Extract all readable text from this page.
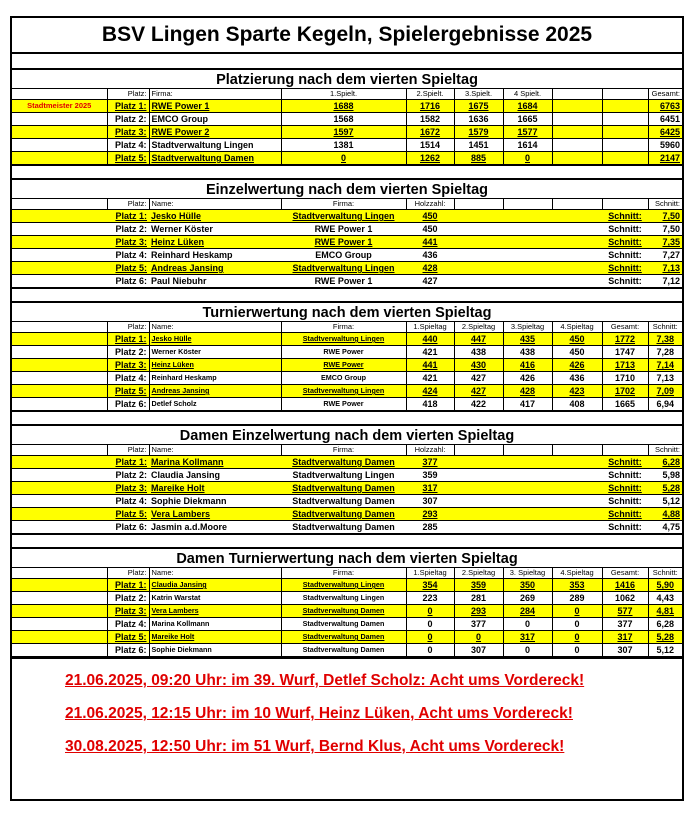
BSV Lingen Sparte Kegeln, Spielergebnisse 2025
Platzierung nach dem vierten Spieltag
	Platz:	Firma:	1.Spielt.	2.Spielt.	3.Spielt.	4 Spielt.			Gesamt:
Stadtmeister 2025	Platz 1:	RWE Power 1	1688	1716	1675	1684			6763
	Platz 2:	EMCO Group	1568	1582	1636	1665			6451
	Platz 3:	RWE Power 2	1597	1672	1579	1577			6425
	Platz 4:	Stadtverwaltung Lingen	1381	1514	1451	1614			5960
	Platz 5:	Stadtverwaltung Damen	0	1262	885	0			2147
Einzelwertung nach dem vierten Spieltag
	Platz:	Name:	Firma:	Holzzahl:					Schnitt:
	Platz 1:	Jesko Hülle	Stadtverwaltung Lingen	450				Schnitt:	7,50
	Platz 2:	Werner Köster	RWE Power 1	450				Schnitt:	7,50
	Platz 3:	Heinz Lüken	RWE Power 1	441				Schnitt:	7,35
	Platz 4:	Reinhard Heskamp	EMCO Group	436				Schnitt:	7,27
	Platz 5:	Andreas Jansing	Stadtverwaltung Lingen	428				Schnitt:	7,13
	Platz 6:	Paul Niebuhr	RWE Power 1	427				Schnitt:	7,12
Turnierwertung nach dem vierten Spieltag
	Platz:	Name:	Firma:	1.Spieltag	2.Spieltag	3.Spieltag	4.Spieltag	Gesamt:	Schnitt:
	Platz 1:	Jesko Hülle	Stadtverwaltung Lingen	440	447	435	450	1772	7,38
	Platz 2:	Werner Köster	RWE Power	421	438	438	450	1747	7,28
	Platz 3:	Heinz Lüken	RWE Power	441	430	416	426	1713	7,14
	Platz 4:	Reinhard Heskamp	EMCO Group	421	427	426	436	1710	7,13
	Platz 5:	Andreas Jansing	Stadtverwaltung Lingen	424	427	428	423	1702	7,09
	Platz 6:	Detlef Scholz	RWE Power	418	422	417	408	1665	6,94
Damen Einzelwertung nach dem vierten Spieltag
	Platz:	Name:	Firma:	Holzzahl:					Schnitt:
	Platz 1:	Marina Kollmann	Stadtverwaltung Damen	377				Schnitt:	6,28
	Platz 2:	Claudia Jansing	Stadtverwaltung Lingen	359				Schnitt:	5,98
	Platz 3:	Mareike Holt	Stadtverwaltung Damen	317				Schnitt:	5,28
	Platz 4:	Sophie Diekmann	Stadtverwaltung Damen	307				Schnitt:	5,12
	Platz 5:	Vera Lambers	Stadtverwaltung Damen	293				Schnitt:	4,88
	Platz 6:	Jasmin a.d.Moore	Stadtverwaltung Damen	285				Schnitt:	4,75
Damen Turnierwertung nach dem vierten Spieltag
	Platz:	Name:	Firma:	1.Spieltag	2.Spieltag	3. Spieltag	4.Spieltag	Gesamt:	Schnitt:
	Platz 1:	Claudia Jansing	Stadtverwaltung Lingen	354	359	350	353	1416	5,90
	Platz 2:	Katrin Warstat	Stadtverwaltung Lingen	223	281	269	289	1062	4,43
	Platz 3:	Vera Lambers	Stadtverwaltung Damen	0	293	284	0	577	4,81
	Platz 4:	Marina Kollmann	Stadtverwaltung Damen	0	377	0	0	377	6,28
	Platz 5:	Mareike Holt	Stadtverwaltung Damen	0	0	317	0	317	5,28
	Platz 6:	Sophie Diekmann	Stadtverwaltung Damen	0	307	0	0	307	5,12
21.06.2025, 09:20 Uhr: im 39. Wurf, Detlef Scholz: Acht ums Vordereck!
21.06.2025, 12:15 Uhr: im 10 Wurf, Heinz Lüken, Acht ums Vordereck!
30.08.2025, 12:50 Uhr: im 51 Wurf, Bernd Klus, Acht ums Vordereck!
